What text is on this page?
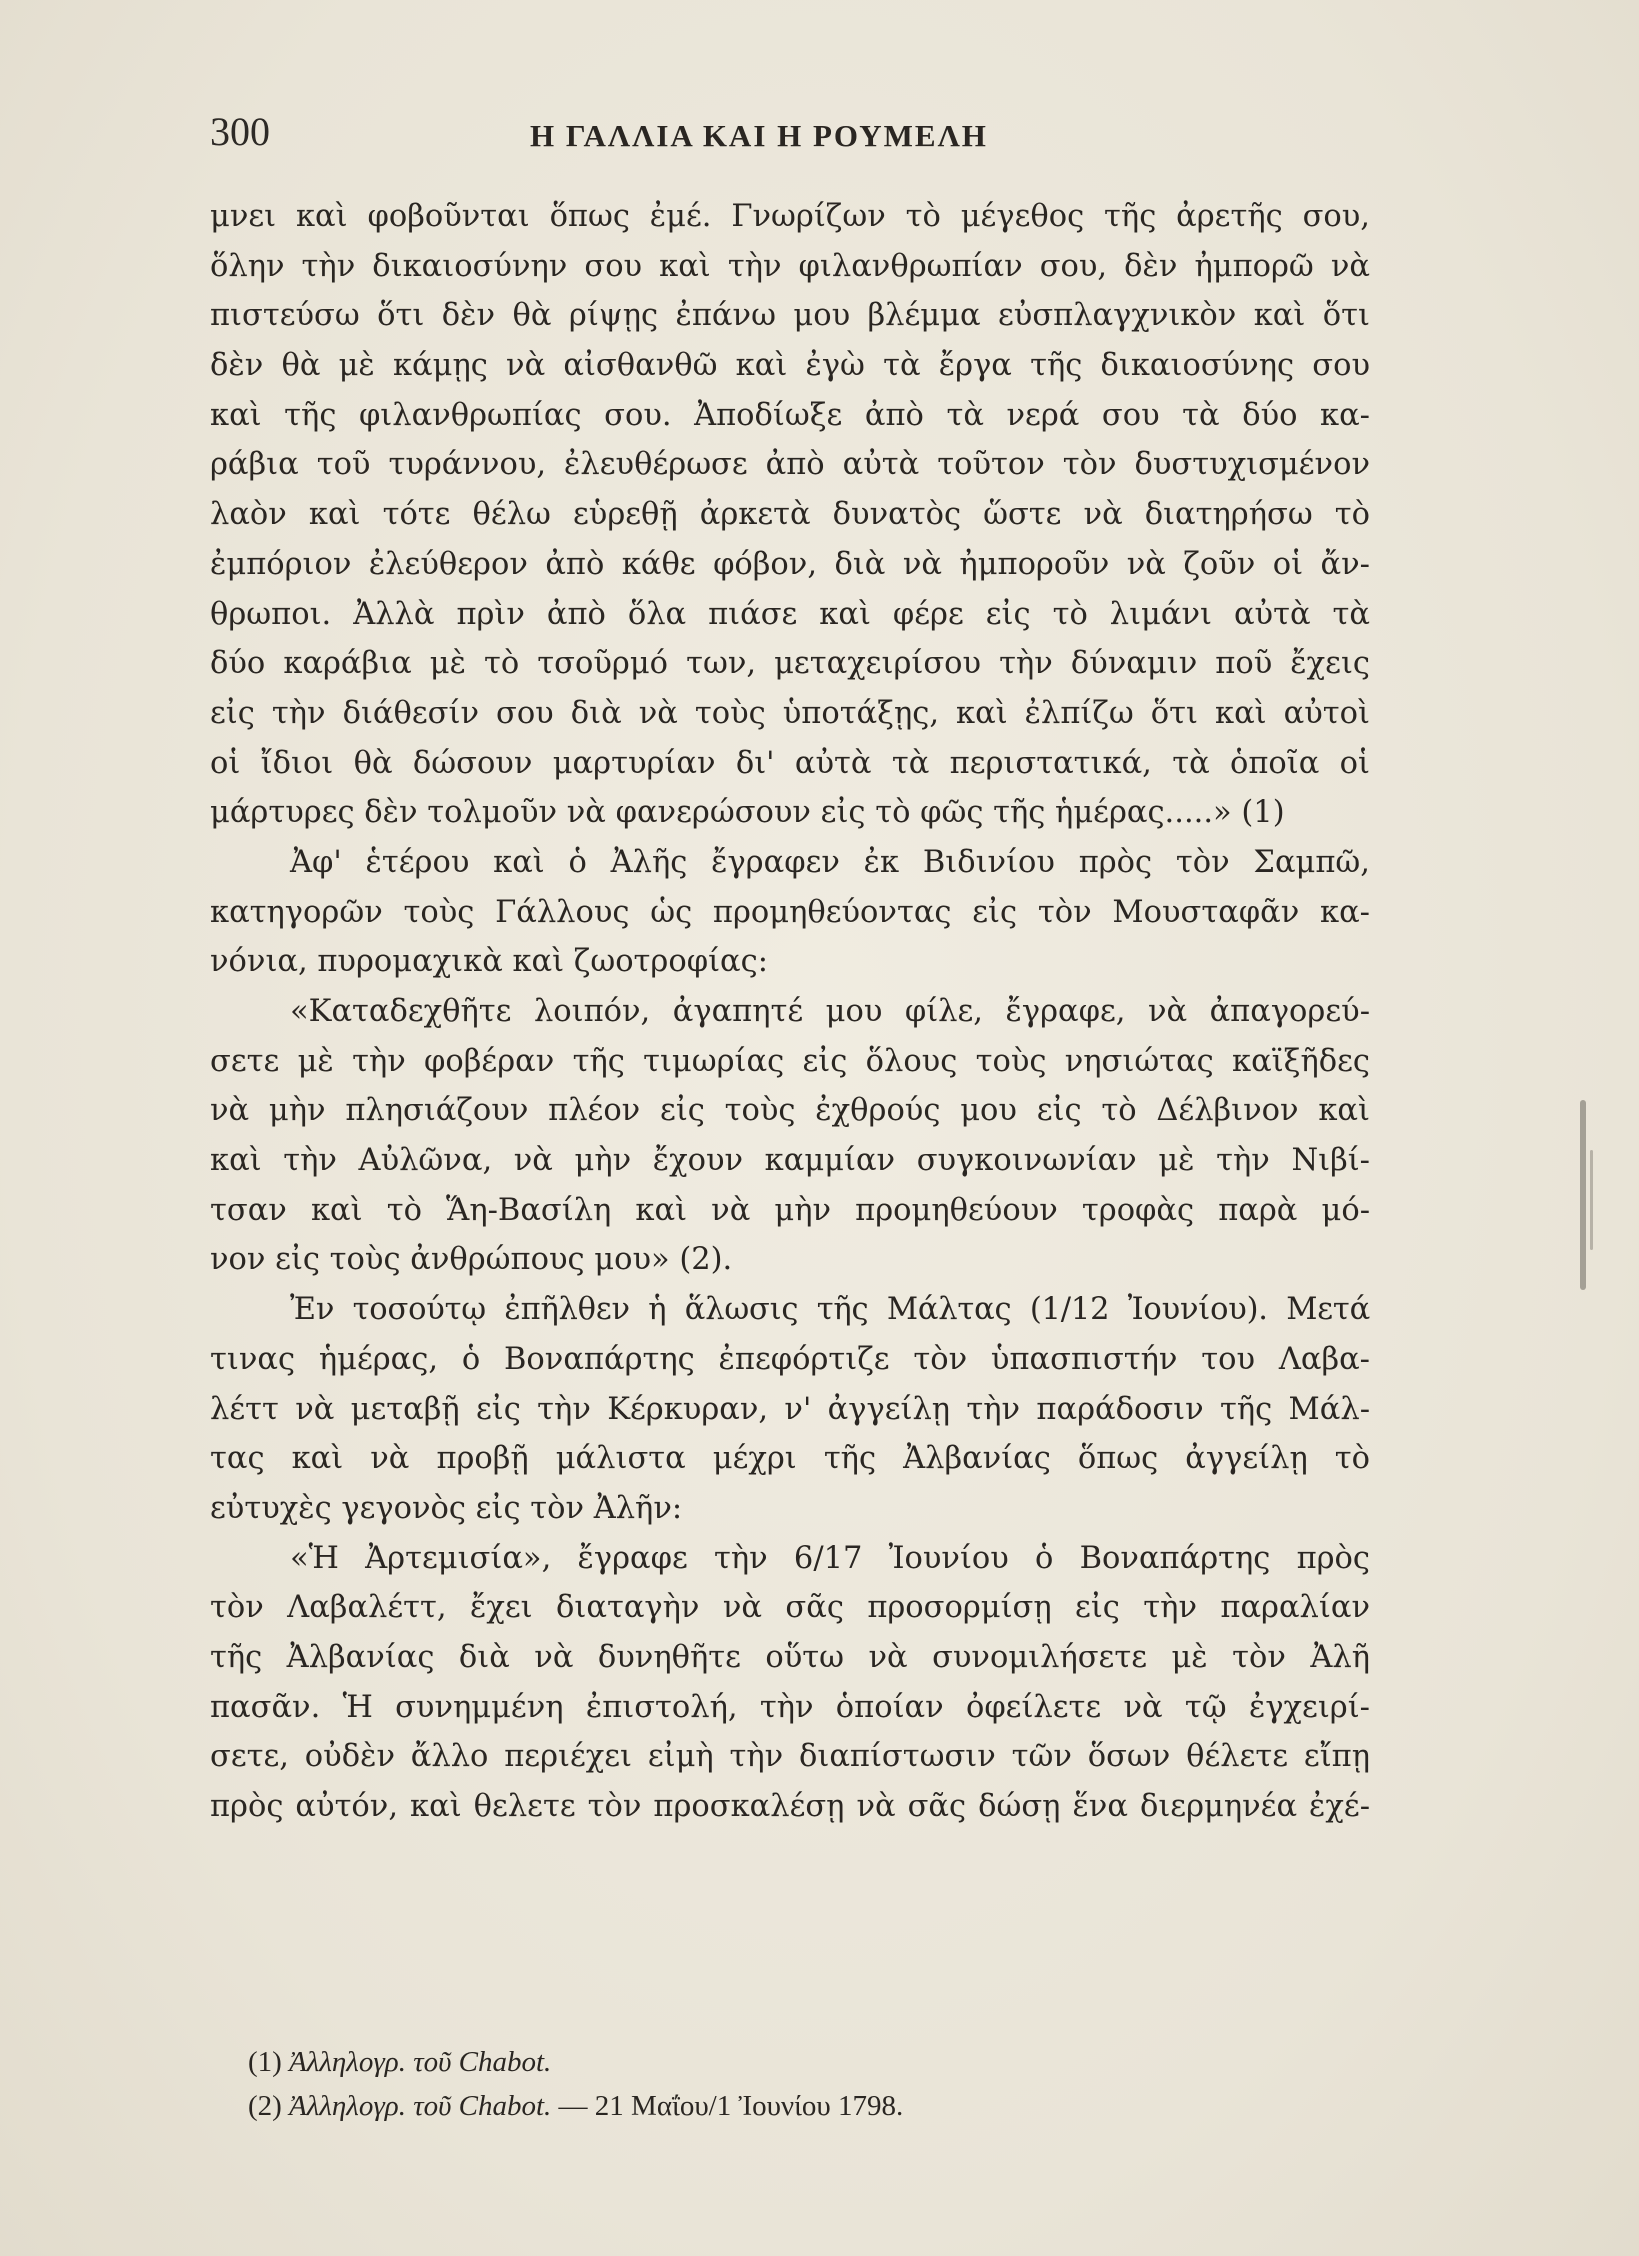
300	Η ΓΑΛΛΙΑ ΚΑΙ Η ΡΟΥΜΕΛΗ
μνει καὶ φοβοῦνται ὅπως ἐμέ. Γνωρίζων τὸ μέγεθος τῆς ἀρετῆς σου,
ὅλην τὴν δικαιοσύνην σου καὶ τὴν φιλανθρωπίαν σου, δὲν ἠμπορῶ νὰ
πιστεύσω ὅτι δὲν θὰ ρίψῃς ἐπάνω μου βλέμμα εὐσπλαγχνικὸν καὶ ὅτι
δὲν θὰ μὲ κάμῃς νὰ αἰσθανθῶ καὶ ἐγὼ τὰ ἔργα τῆς δικαιοσύνης σου
καὶ τῆς φιλανθρωπίας σου. Ἀποδίωξε ἀπὸ τὰ νερά σου τὰ δύο κα-
ράβια τοῦ τυράννου, ἐλευθέρωσε ἀπὸ αὐτὰ τοῦτον τὸν δυστυχισμένον
λαὸν καὶ τότε θέλω εὑρεθῇ ἀρκετὰ δυνατὸς ὥστε νὰ διατηρήσω τὸ
ἐμπόριον ἐλεύθερον ἀπὸ κάθε φόβον, διὰ νὰ ἠμποροῦν νὰ ζοῦν οἱ ἄν-
θρωποι. Ἀλλὰ πρὶν ἀπὸ ὅλα πιάσε καὶ φέρε εἰς τὸ λιμάνι αὐτὰ τὰ
δύο καράβια μὲ τὸ τσοῦρμό των, μεταχειρίσου τὴν δύναμιν ποῦ ἔχεις
εἰς τὴν διάθεσίν σου διὰ νὰ τοὺς ὑποτάξῃς, καὶ ἐλπίζω ὅτι καὶ αὐτοὶ
οἱ ἴδιοι θὰ δώσουν μαρτυρίαν δι' αὐτὰ τὰ περιστατικά, τὰ ὁποῖα οἱ
μάρτυρες δὲν τολμοῦν νὰ φανερώσουν εἰς τὸ φῶς τῆς ἡμέρας.....» (1)
Ἀφ' ἑτέρου καὶ ὁ Ἀλῆς ἔγραφεν ἐκ Βιδινίου πρὸς τὸν Σαμπῶ,
κατηγορῶν τοὺς Γάλλους ὡς προμηθεύοντας εἰς τὸν Μουσταφᾶν κα-
νόνια, πυρομαχικὰ καὶ ζωοτροφίας:
«Καταδεχθῆτε λοιπόν, ἀγαπητέ μου φίλε, ἔγραφε, νὰ ἀπαγορεύ-
σετε μὲ τὴν φοβέραν τῆς τιμωρίας εἰς ὅλους τοὺς νησιώτας καϊξῆδες
νὰ μὴν πλησιάζουν πλέον εἰς τοὺς ἐχθρούς μου εἰς τὸ Δέλβινον καὶ
καὶ τὴν Αὐλῶνα, νὰ μὴν ἔχουν καμμίαν συγκοινωνίαν μὲ τὴν Νιβί-
τσαν καὶ τὸ Ἅη-Βασίλη καὶ νὰ μὴν προμηθεύουν τροφὰς παρὰ μό-
νον εἰς τοὺς ἀνθρώπους μου» (2).
Ἐν τοσούτῳ ἐπῆλθεν ἡ ἅλωσις τῆς Μάλτας (1/12 Ἰουνίου). Μετά
τινας ἡμέρας, ὁ Βοναπάρτης ἐπεφόρτιζε τὸν ὑπασπιστήν του Λαβα-
λέττ νὰ μεταβῇ εἰς τὴν Κέρκυραν, ν' ἀγγείλῃ τὴν παράδοσιν τῆς Μάλ-
τας καὶ νὰ προβῇ μάλιστα μέχρι τῆς Ἀλβανίας ὅπως ἀγγείλῃ τὸ
εὐτυχὲς γεγονὸς εἰς τὸν Ἀλῆν:
«Ἡ Ἀρτεμισία», ἔγραφε τὴν 6/17 Ἰουνίου ὁ Βοναπάρτης πρὸς
τὸν Λαβαλέττ, ἔχει διαταγὴν νὰ σᾶς προσορμίσῃ εἰς τὴν παραλίαν
τῆς Ἀλβανίας διὰ νὰ δυνηθῆτε οὕτω νὰ συνομιλήσετε μὲ τὸν Ἀλῆ
πασᾶν. Ἡ συνημμένη ἐπιστολή, τὴν ὁποίαν ὀφείλετε νὰ τῷ ἐγχειρί-
σετε, οὐδὲν ἄλλο περιέχει εἰμὴ τὴν διαπίστωσιν τῶν ὅσων θέλετε εἴπῃ
πρὸς αὐτόν, καὶ θελετε τὸν προσκαλέσῃ νὰ σᾶς δώσῃ ἕνα διερμηνέα ἐχέ-
(1) Ἀλληλογρ. τοῦ Chabot.
(2) Ἀλληλογρ. τοῦ Chabot. — 21 Μαΐου/1 Ἰουνίου 1798.
